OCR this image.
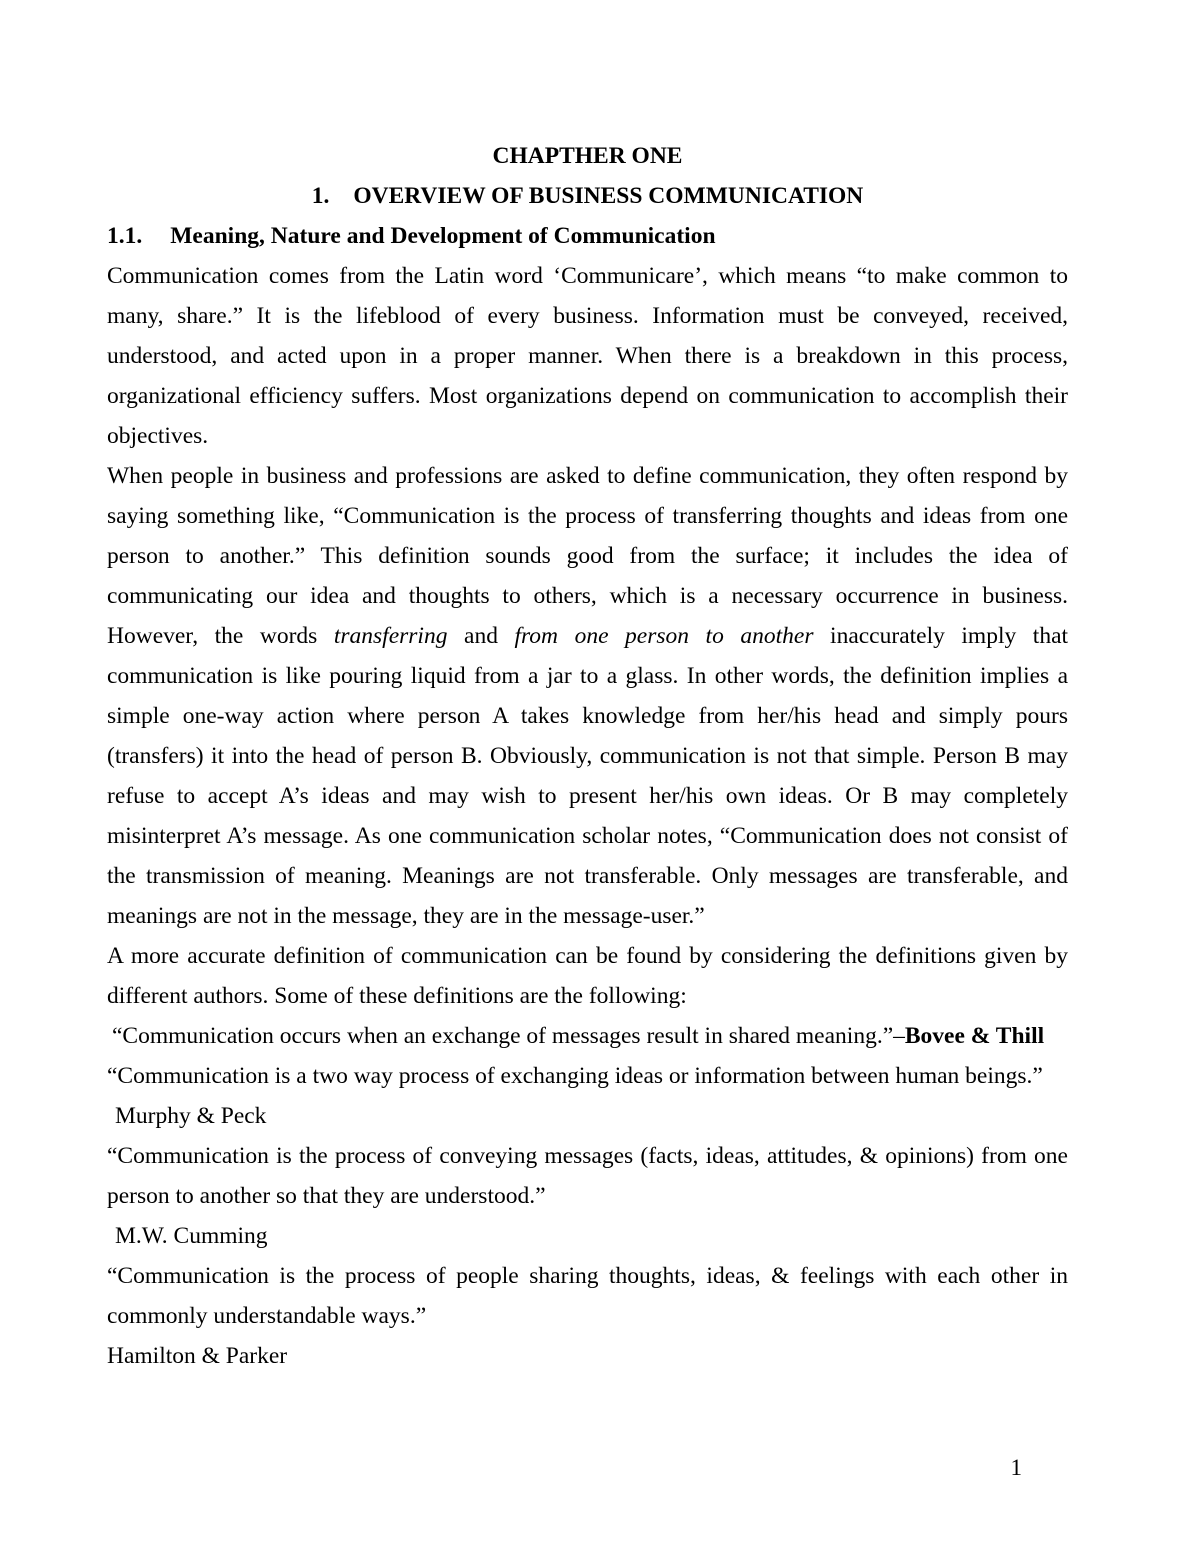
CHAPTHER ONE

1. OVERVIEW OF BUSINESS COMMUNICATION

1.1. Meaning, Nature and Development of Communication

Communication comes from the Latin word ‘Communicare’, which means “to make common to many, share.” It is the lifeblood of every business. Information must be conveyed, received, understood, and acted upon in a proper manner. When there is a breakdown in this process, organizational efficiency suffers. Most organizations depend on communication to accomplish their objectives.

When people in business and professions are asked to define communication, they often respond by saying something like, “Communication is the process of transferring thoughts and ideas from one person to another.” This definition sounds good from the surface; it includes the idea of communicating our idea and thoughts to others, which is a necessary occurrence in business. However, the words transferring and from one person to another inaccurately imply that communication is like pouring liquid from a jar to a glass. In other words, the definition implies a simple one-way action where person A takes knowledge from her/his head and simply pours (transfers) it into the head of person B. Obviously, communication is not that simple. Person B may refuse to accept A’s ideas and may wish to present her/his own ideas. Or B may completely misinterpret A’s message. As one communication scholar notes, “Communication does not consist of the transmission of meaning. Meanings are not transferable. Only messages are transferable, and meanings are not in the message, they are in the message-user.”

A more accurate definition of communication can be found by considering the definitions given by different authors. Some of these definitions are the following:

“Communication occurs when an exchange of messages result in shared meaning.”–Bovee & Thill

“Communication is a two way process of exchanging ideas or information between human beings.”

Murphy & Peck

“Communication is the process of conveying messages (facts, ideas, attitudes, & opinions) from one person to another so that they are understood.”

M.W. Cumming

“Communication is the process of people sharing thoughts, ideas, & feelings with each other in commonly understandable ways.”

Hamilton & Parker

1
